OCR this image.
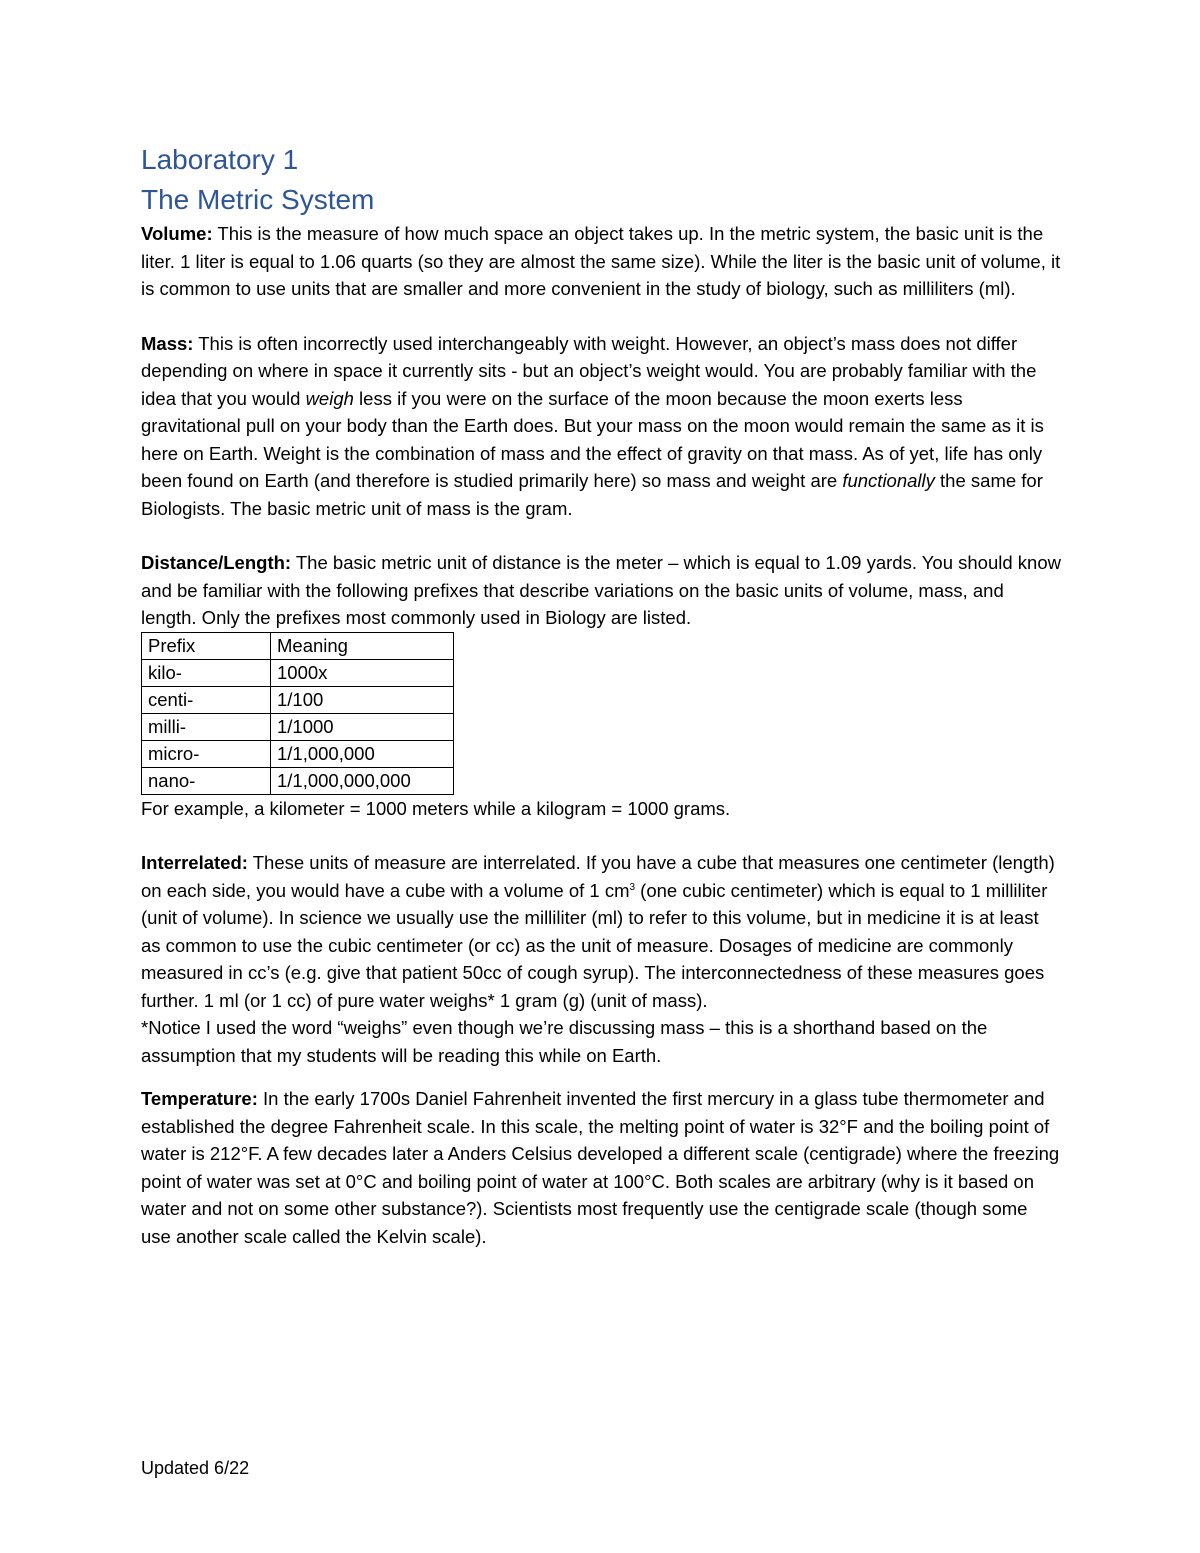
Laboratory 1
The Metric System

Volume: This is the measure of how much space an object takes up. In the metric system, the basic unit is the liter. 1 liter is equal to 1.06 quarts (so they are almost the same size). While the liter is the basic unit of volume, it is common to use units that are smaller and more convenient in the study of biology, such as milliliters (ml).

Mass: This is often incorrectly used interchangeably with weight. However, an object’s mass does not differ depending on where in space it currently sits - but an object’s weight would. You are probably familiar with the idea that you would weigh less if you were on the surface of the moon because the moon exerts less gravitational pull on your body than the Earth does. But your mass on the moon would remain the same as it is here on Earth. Weight is the combination of mass and the effect of gravity on that mass. As of yet, life has only been found on Earth (and therefore is studied primarily here) so mass and weight are functionally the same for Biologists. The basic metric unit of mass is the gram.

Distance/Length: The basic metric unit of distance is the meter – which is equal to 1.09 yards. You should know and be familiar with the following prefixes that describe variations on the basic units of volume, mass, and length. Only the prefixes most commonly used in Biology are listed.

Prefix	Meaning
kilo-	1000x
centi-	1/100
milli-	1/1000
micro-	1/1,000,000
nano-	1/1,000,000,000

For example, a kilometer = 1000 meters while a kilogram = 1000 grams.

Interrelated: These units of measure are interrelated. If you have a cube that measures one centimeter (length) on each side, you would have a cube with a volume of 1 $cm^3$ (one cubic centimeter) which is equal to 1 milliliter (unit of volume). In science we usually use the milliliter (ml) to refer to this volume, but in medicine it is at least as common to use the cubic centimeter (or cc) as the unit of measure. Dosages of medicine are commonly measured in cc’s (e.g. give that patient 50cc of cough syrup). The interconnectedness of these measures goes further. 1 ml (or 1 cc) of pure water weighs* 1 gram (g) (unit of mass).

*Notice I used the word “weighs” even though we’re discussing mass – this is a shorthand based on the assumption that my students will be reading this while on Earth.

Temperature: In the early 1700s Daniel Fahrenheit invented the first mercury in a glass tube thermometer and established the degree Fahrenheit scale. In this scale, the melting point of water is 32°F and the boiling point of water is 212°F. A few decades later a Anders Celsius developed a different scale (centigrade) where the freezing point of water was set at 0°C and boiling point of water at 100°C. Both scales are arbitrary (why is it based on water and not on some other substance?). Scientists most frequently use the centigrade scale (though some use another scale called the Kelvin scale).

Updated 6/22
